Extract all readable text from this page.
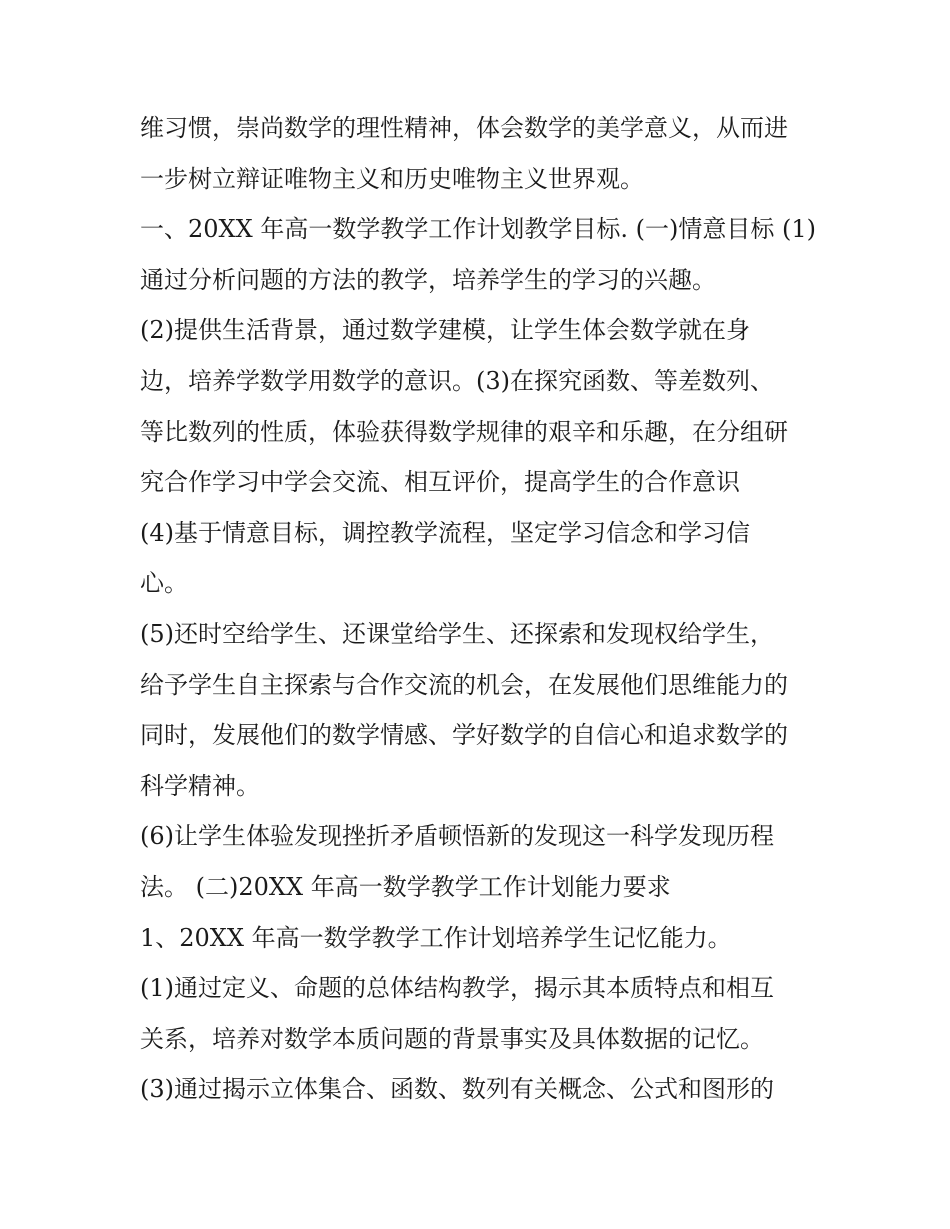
维习惯，崇尚数学的理性精神，体会数学的美学意义，从而进
一步树立辩证唯物主义和历史唯物主义世界观。
一、20XX 年高一数学教学工作计划教学目标. (一)情意目标 (1)
通过分析问题的方法的教学，培养学生的学习的兴趣。
(2)提供生活背景，通过数学建模，让学生体会数学就在身
边，培养学数学用数学的意识。(3)在探究函数、等差数列、
等比数列的性质，体验获得数学规律的艰辛和乐趣，在分组研
究合作学习中学会交流、相互评价，提高学生的合作意识
(4)基于情意目标，调控教学流程，坚定学习信念和学习信
心。
(5)还时空给学生、还课堂给学生、还探索和发现权给学生，
给予学生自主探索与合作交流的机会，在发展他们思维能力的
同时，发展他们的数学情感、学好数学的自信心和追求数学的
科学精神。
(6)让学生体验发现挫折矛盾顿悟新的发现这一科学发现历程
法。 (二)20XX 年高一数学教学工作计划能力要求
1、20XX 年高一数学教学工作计划培养学生记忆能力。
(1)通过定义、命题的总体结构教学，揭示其本质特点和相互
关系，培养对数学本质问题的背景事实及具体数据的记忆。
(3)通过揭示立体集合、函数、数列有关概念、公式和图形的
